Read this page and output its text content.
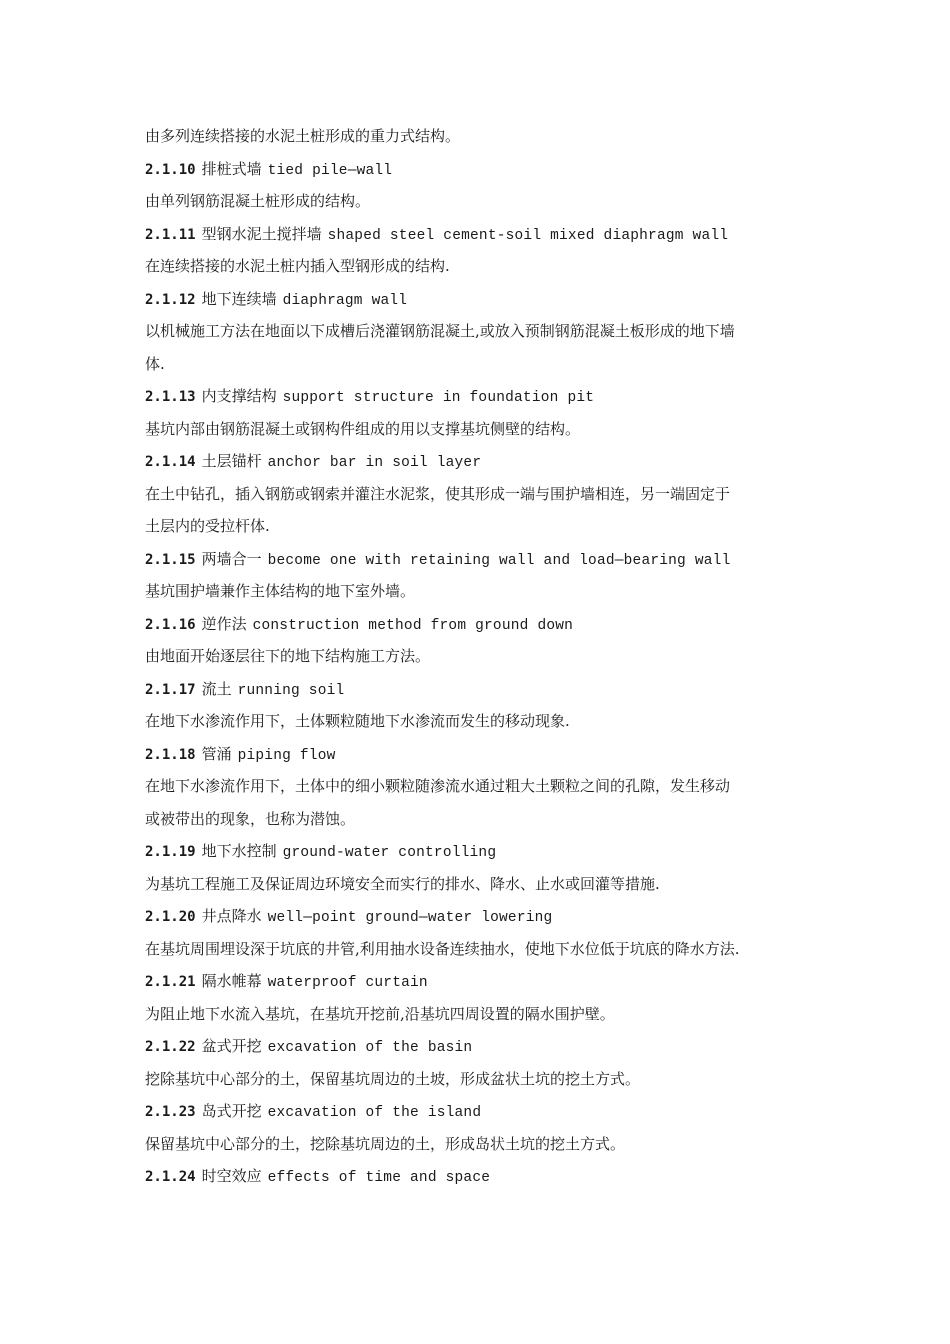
由多列连续搭接的水泥土桩形成的重力式结构。
2.1.10 排桩式墙 tied pile—wall
由单列钢筋混凝土桩形成的结构。
2.1.11 型钢水泥土搅拌墙 shaped steel cement-soil mixed diaphragm wall
在连续搭接的水泥土桩内插入型钢形成的结构.
2.1.12 地下连续墙 diaphragm wall
以机械施工方法在地面以下成槽后浇灌钢筋混凝土,或放入预制钢筋混凝土板形成的地下墙
体.
2.1.13 内支撑结构 support structure in foundation pit
基坑内部由钢筋混凝土或钢构件组成的用以支撑基坑侧壁的结构。
2.1.14 土层锚杆 anchor bar in soil layer
在土中钻孔，插入钢筋或钢索并灌注水泥浆，使其形成一端与围护墙相连，另一端固定于
土层内的受拉杆体.
2.1.15 两墙合一 become one with retaining wall and load—bearing wall
基坑围护墙兼作主体结构的地下室外墙。
2.1.16 逆作法 construction method from ground down
由地面开始逐层往下的地下结构施工方法。
2.1.17 流土 running soil
在地下水渗流作用下，土体颗粒随地下水渗流而发生的移动现象.
2.1.18 管涌 piping flow
在地下水渗流作用下，土体中的细小颗粒随渗流水通过粗大土颗粒之间的孔隙，发生移动
或被带出的现象，也称为潜蚀。
2.1.19 地下水控制 ground-water controlling
为基坑工程施工及保证周边环境安全而实行的排水、降水、止水或回灌等措施.
2.1.20 井点降水 well—point ground—water lowering
在基坑周围埋设深于坑底的井管,利用抽水设备连续抽水，使地下水位低于坑底的降水方法.
2.1.21 隔水帷幕 waterproof curtain
为阻止地下水流入基坑，在基坑开挖前,沿基坑四周设置的隔水围护壁。
2.1.22 盆式开挖 excavation of the basin
挖除基坑中心部分的土，保留基坑周边的土坡，形成盆状土坑的挖土方式。
2.1.23 岛式开挖 excavation of the island
保留基坑中心部分的土，挖除基坑周边的土，形成岛状土坑的挖土方式。
2.1.24 时空效应 effects of time and space
